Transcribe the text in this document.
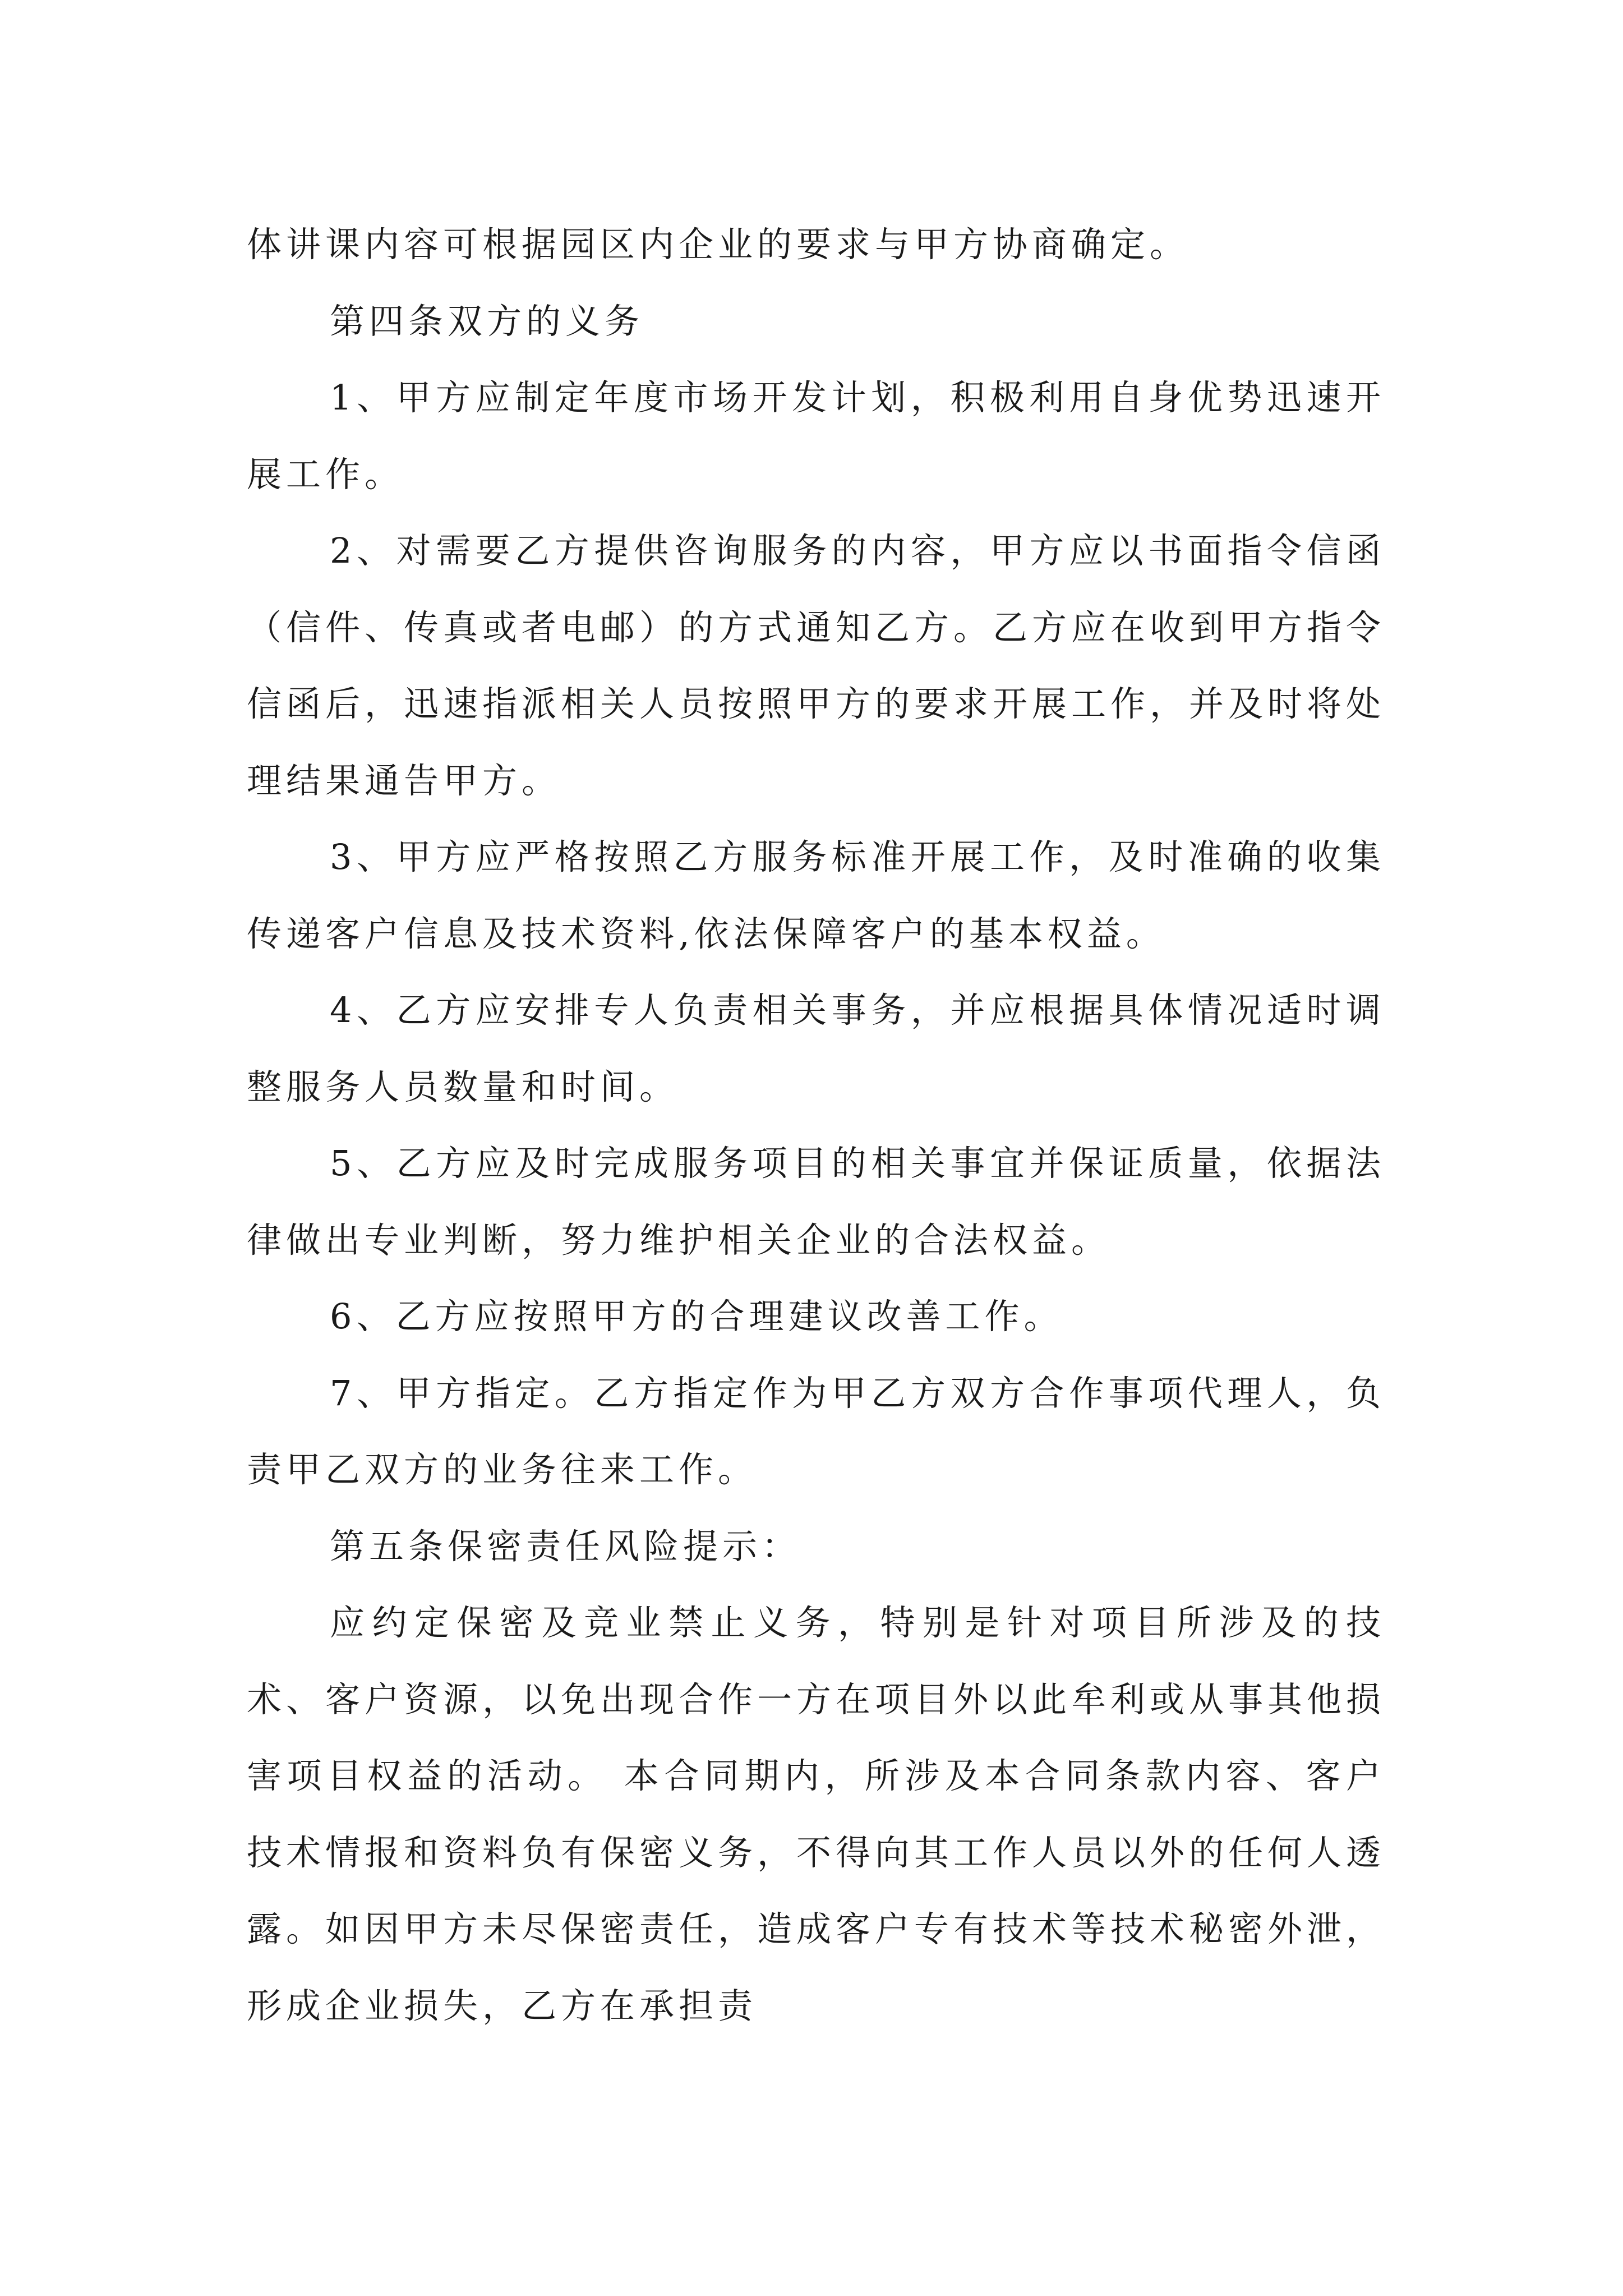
体讲课内容可根据园区内企业的要求与甲方协商确定。

第四条双方的义务

1、甲方应制定年度市场开发计划，积极利用自身优势迅速开展工作。

2、对需要乙方提供咨询服务的内容，甲方应以书面指令信函（信件、传真或者电邮）的方式通知乙方。乙方应在收到甲方指令信函后，迅速指派相关人员按照甲方的要求开展工作，并及时将处理结果通告甲方。

3、甲方应严格按照乙方服务标准开展工作，及时准确的收集传递客户信息及技术资料,依法保障客户的基本权益。

4、乙方应安排专人负责相关事务，并应根据具体情况适时调整服务人员数量和时间。

5、乙方应及时完成服务项目的相关事宜并保证质量，依据法律做出专业判断，努力维护相关企业的合法权益。

6、乙方应按照甲方的合理建议改善工作。

7、甲方指定。乙方指定作为甲乙方双方合作事项代理人，负责甲乙双方的业务往来工作。

第五条保密责任风险提示：

应约定保密及竞业禁止义务，特别是针对项目所涉及的技术、客户资源，以免出现合作一方在项目外以此牟利或从事其他损害项目权益的活动。 本合同期内，所涉及本合同条款内容、客户技术情报和资料负有保密义务，不得向其工作人员以外的任何人透露。如因甲方未尽保密责任，造成客户专有技术等技术秘密外泄，形成企业损失，乙方在承担责
